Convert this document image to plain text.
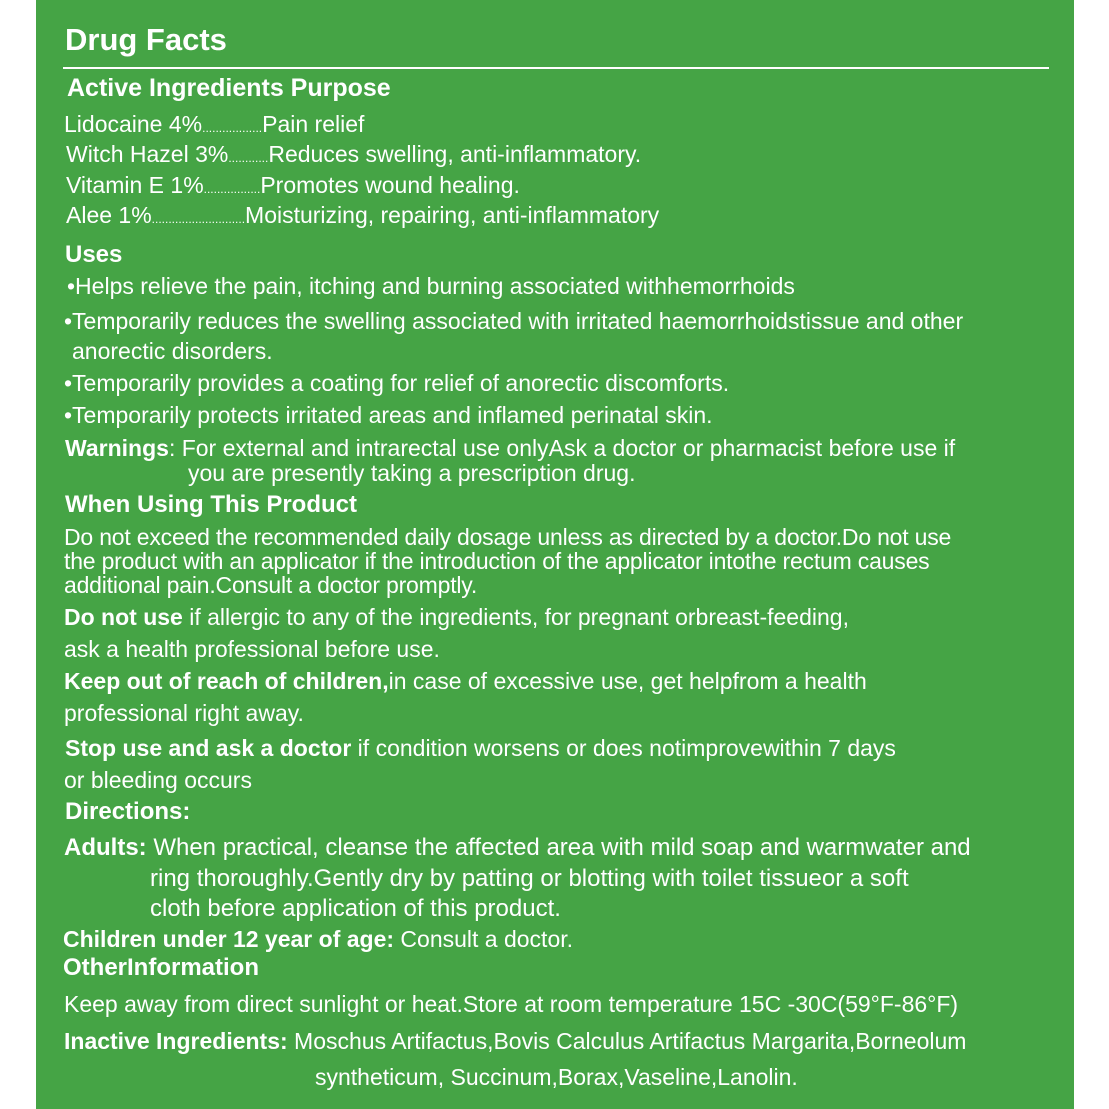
Drug Facts
Active Ingredients Purpose
Lidocaine 4%..................Pain relief
Witch Hazel 3%............Reduces swelling, anti-inflammatory.
Vitamin E 1%.................Promotes wound healing.
Alee 1%............................Moisturizing, repairing, anti-inflammatory
Uses
•Helps relieve the pain, itching and burning associated withhemorrhoids
•Temporarily reduces the swelling associated with irritated haemorrhoidstissue and other
anorectic disorders.
•Temporarily provides a coating for relief of anorectic discomforts.
•Temporarily protects irritated areas and inflamed perinatal skin.
Warnings: For external and intrarectal use onlyAsk a doctor or pharmacist before use if
you are presently taking a prescription drug.
When Using This Product
Do not exceed the recommended daily dosage unless as directed by a doctor.Do not use
the product with an applicator if the introduction of the applicator intothe rectum causes
additional pain.Consult a doctor promptly.
Do not use if allergic to any of the ingredients, for pregnant orbreast-feeding,
ask a health professional before use.
Keep out of reach of children,in case of excessive use, get helpfrom a health
professional right away.
Stop use and ask a doctor if condition worsens or does notimprovewithin 7 days
or bleeding occurs
Directions:
Adults: When practical, cleanse the affected area with mild soap and warmwater and
ring thoroughly.Gently dry by patting or blotting with toilet tissueor a soft
cloth before application of this product.
Children under 12 year of age: Consult a doctor.
OtherInformation
Keep away from direct sunlight or heat.Store at room temperature 15C -30C(59°F-86°F)
Inactive Ingredients: Moschus Artifactus,Bovis Calculus Artifactus Margarita,Borneolum
syntheticum, Succinum,Borax,Vaseline,Lanolin.
